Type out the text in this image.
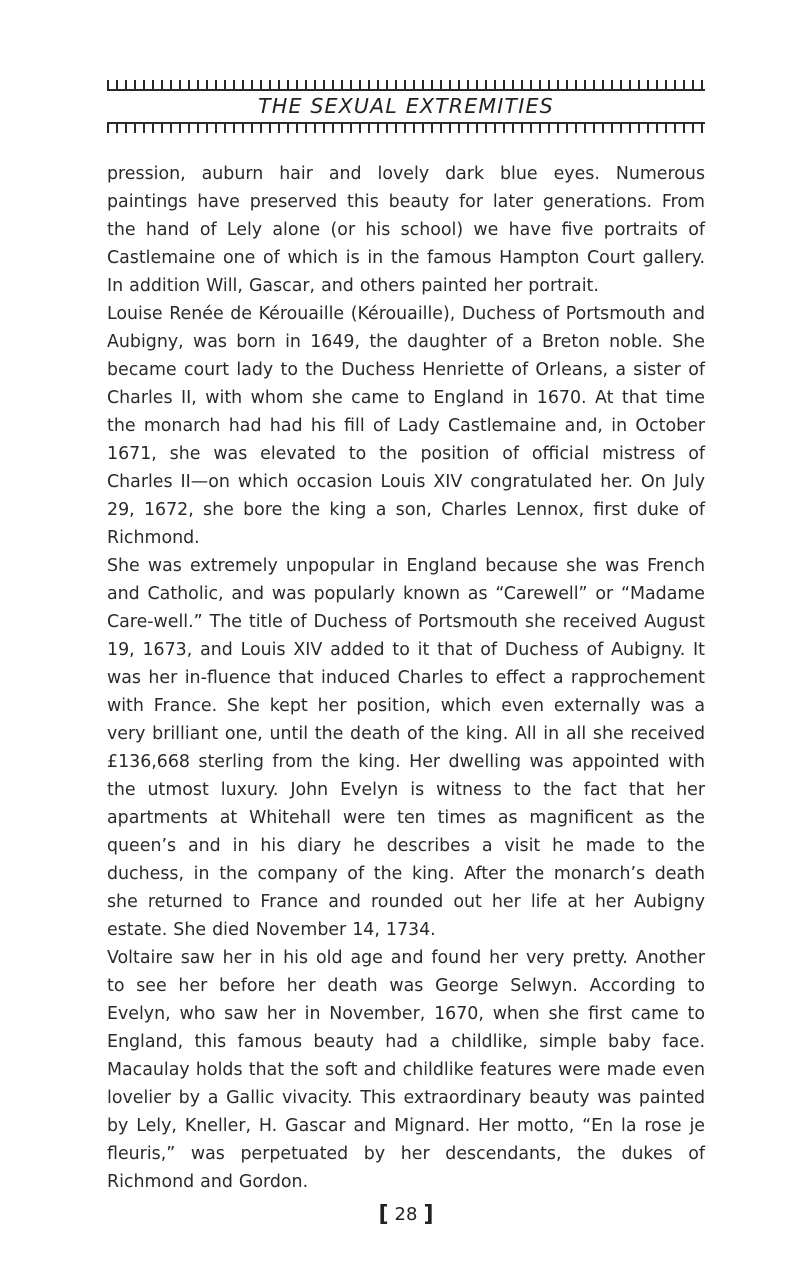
THE SEXUAL EXTREMITIES

pression, auburn hair and lovely dark blue eyes. Numerous paintings have preserved this beauty for later generations. From the hand of Lely alone (or his school) we have five portraits of Castlemaine one of which is in the famous Hampton Court gallery. In addition Will, Gascar, and others painted her portrait.

Louise Renée de Kérouaille (Kérouaille), Duchess of Portsmouth and Aubigny, was born in 1649, the daughter of a Breton noble. She became court lady to the Duchess Henriette of Orleans, a sister of Charles II, with whom she came to England in 1670. At that time the monarch had had his fill of Lady Castlemaine and, in October 1671, she was elevated to the position of official mistress of Charles II—on which occasion Louis XIV congratulated her. On July 29, 1672, she bore the king a son, Charles Lennox, first duke of Richmond.

She was extremely unpopular in England because she was French and Catholic, and was popularly known as “Carewell” or “Madame Care-well.” The title of Duchess of Portsmouth she received August 19, 1673, and Louis XIV added to it that of Duchess of Aubigny. It was her in-fluence that induced Charles to effect a rapprochement with France. She kept her position, which even externally was a very brilliant one, until the death of the king. All in all she received £136,668 sterling from the king. Her dwelling was appointed with the utmost luxury. John Evelyn is witness to the fact that her apartments at Whitehall were ten times as magnificent as the queen’s and in his diary he describes a visit he made to the duchess, in the company of the king. After the monarch’s death she returned to France and rounded out her life at her Aubigny estate. She died November 14, 1734.

Voltaire saw her in his old age and found her very pretty. Another to see her before her death was George Selwyn. According to Evelyn, who saw her in November, 1670, when she first came to England, this famous beauty had a childlike, simple baby face. Macaulay holds that the soft and childlike features were made even lovelier by a Gallic vivacity. This extraordinary beauty was painted by Lely, Kneller, H. Gascar and Mignard. Her motto, “En la rose je fleuris,” was perpetuated by her descendants, the dukes of Richmond and Gordon.

[ 28 ]
